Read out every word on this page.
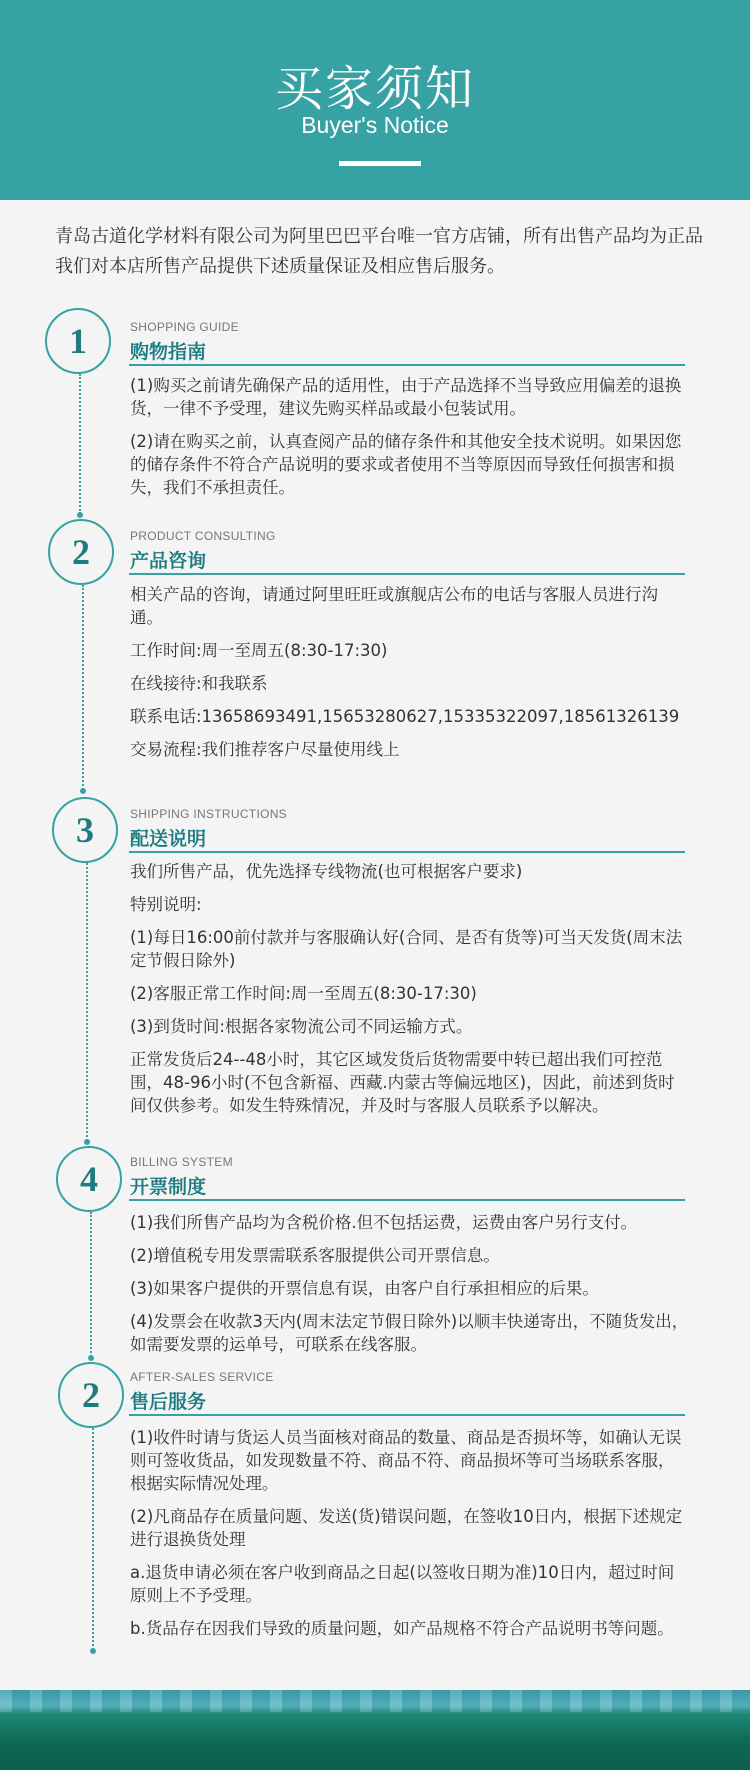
买家须知
Buyer's Notice
青岛古道化学材料有限公司为阿里巴巴平台唯一官方店铺，所有出售产品均为正品我们对本店所售产品提供下述质量保证及相应售后服务。
1	SHOPPING GUIDE
购物指南

(1)购买之前请先确保产品的适用性，由于产品选择不当导致应用偏差的退换货，一律不予受理，建议先购买样品或最小包装试用。

(2)请在购买之前，认真查阅产品的储存条件和其他安全技术说明。如果因您的储存条件不符合产品说明的要求或者使用不当等原因而导致任何损害和损失，我们不承担责任。

2	PRODUCT CONSULTING
产品咨询

相关产品的咨询，请通过阿里旺旺或旗舰店公布的电话与客服人员进行沟通。

工作时间:周一至周五(8:30-17:30)

在线接待:和我联系

联系电话:13658693491,15653280627,15335322097,18561326139

交易流程:我们推荐客户尽量使用线上

3	SHIPPING INSTRUCTIONS
配送说明

我们所售产品，优先选择专线物流(也可根据客户要求)

特别说明:

(1)每日16:00前付款并与客服确认好(合同、是否有货等)可当天发货(周末法定节假日除外)

(2)客服正常工作时间:周一至周五(8:30-17:30)

(3)到货时间:根据各家物流公司不同运输方式。

正常发货后24--48小时，其它区域发货后货物需要中转已超出我们可控范围，48-96小时(不包含新福、西藏.内蒙古等偏远地区)，因此，前述到货时间仅供参考。如发生特殊情况，并及时与客服人员联系予以解决。

4	BILLING SYSTEM
开票制度

(1)我们所售产品均为含税价格.但不包括运费，运费由客户另行支付。

(2)增值税专用发票需联系客服提供公司开票信息。

(3)如果客户提供的开票信息有误，由客户自行承担相应的后果。

(4)发票会在收款3天内(周末法定节假日除外)以顺丰快递寄出，不随货发出，如需要发票的运单号，可联系在线客服。

2	AFTER-SALES SERVICE
售后服务

(1)收件时请与货运人员当面核对商品的数量、商品是否损坏等，如确认无误则可签收货品，如发现数量不符、商品不符、商品损坏等可当场联系客服，根据实际情况处理。

(2)凡商品存在质量问题、发送(货)错误问题，在签收10日内，根据下述规定进行退换货处理

a.退货申请必须在客户收到商品之日起(以签收日期为准)10日内，超过时间原则上不予受理。

b.货品存在因我们导致的质量问题，如产品规格不符合产品说明书等问题。
